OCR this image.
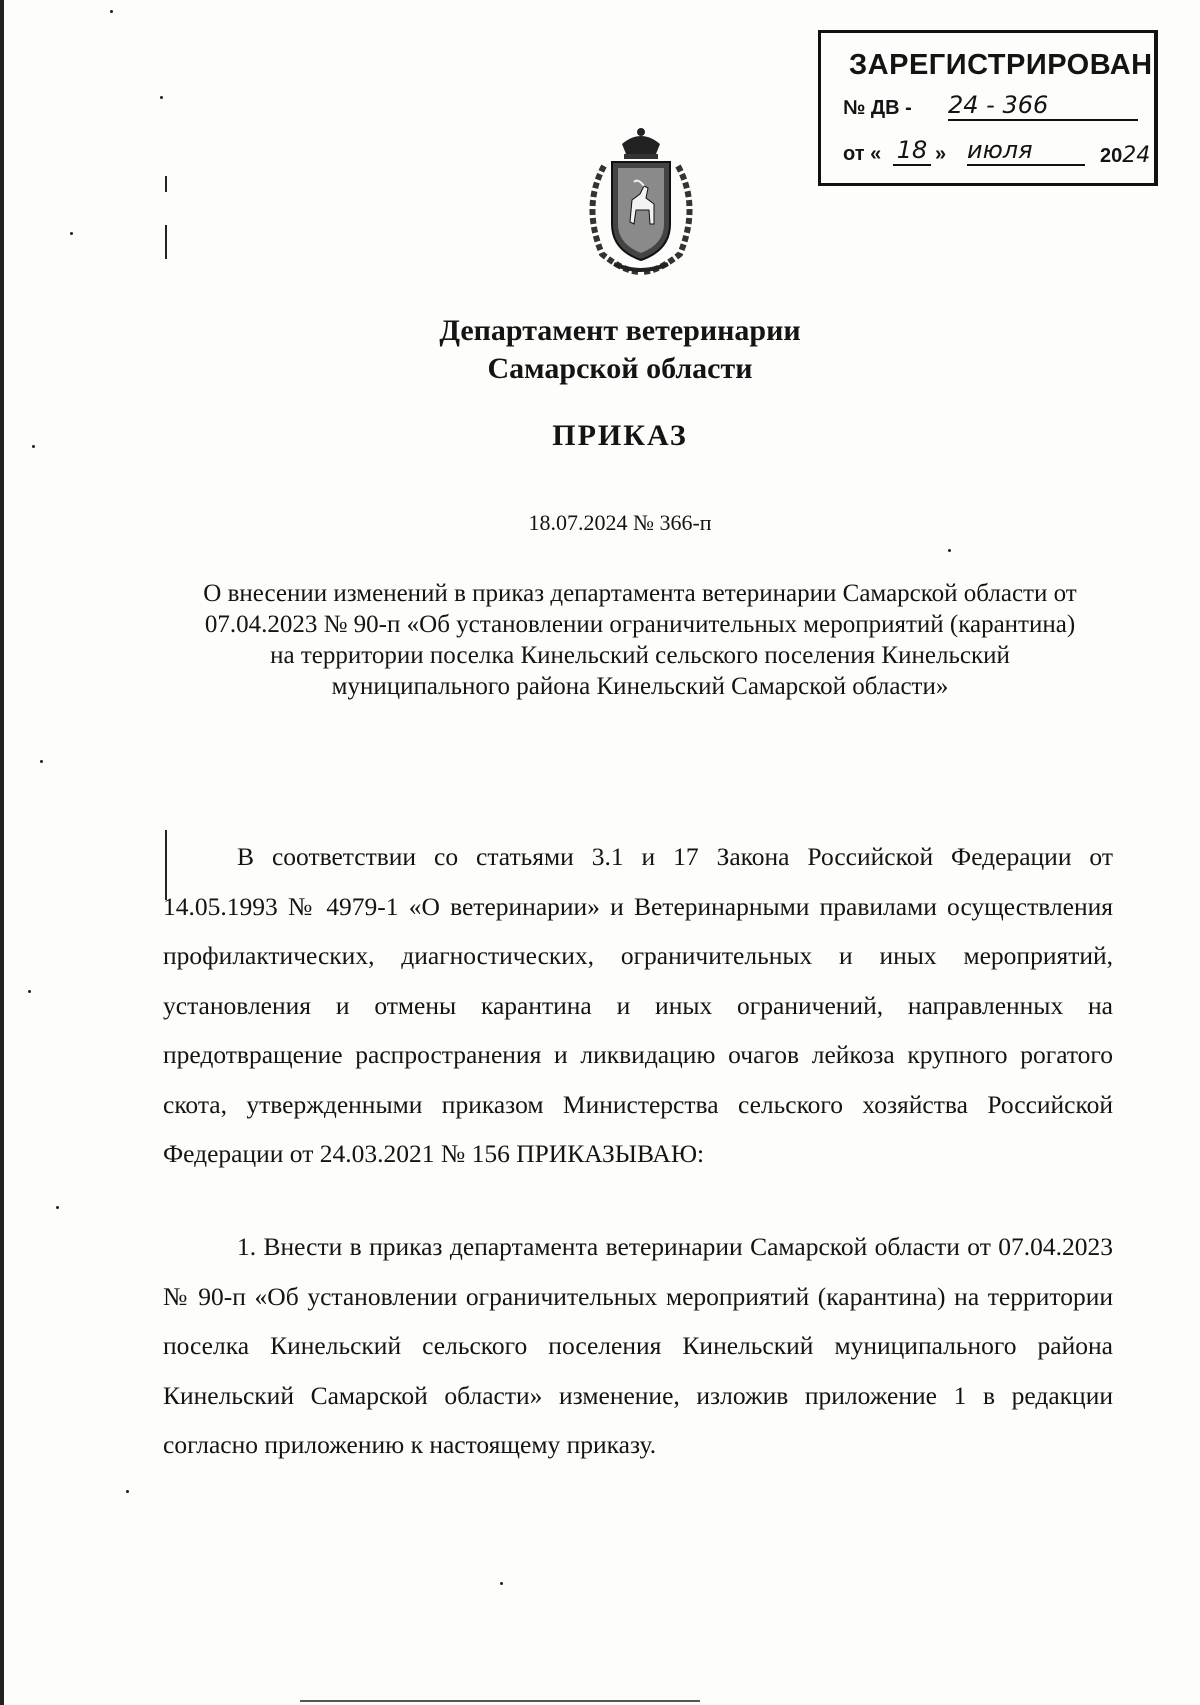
ЗАРЕГИСТРИРОВАН
№ ДВ - 24 - 366
от « 18 » июля	2024
Департамент ветеринарии
Самарской области
ПРИКАЗ
18.07.2024 № 366-п
О внесении изменений в приказ департамента ветеринарии Самарской области от 07.04.2023 № 90-п «Об установлении ограничительных мероприятий (карантина) на территории поселка Кинельский сельского поселения Кинельский муниципального района Кинельский Самарской области»
В соответствии со статьями 3.1 и 17 Закона Российской Федерации от 14.05.1993 № 4979-1 «О ветеринарии» и Ветеринарными правилами осуществления профилактических, диагностических, ограничительных и иных мероприятий, установления и отмены карантина и иных ограничений, направленных на предотвращение распространения и ликвидацию очагов лейкоза крупного рогатого скота, утвержденными приказом Министерства сельского хозяйства Российской Федерации от 24.03.2021 № 156 ПРИКАЗЫВАЮ:
1. Внести в приказ департамента ветеринарии Самарской области от 07.04.2023 № 90-п «Об установлении ограничительных мероприятий (карантина) на территории поселка Кинельский сельского поселения Кинельский муниципального района Кинельский Самарской области» изменение, изложив приложение 1 в редакции согласно приложению к настоящему приказу.
